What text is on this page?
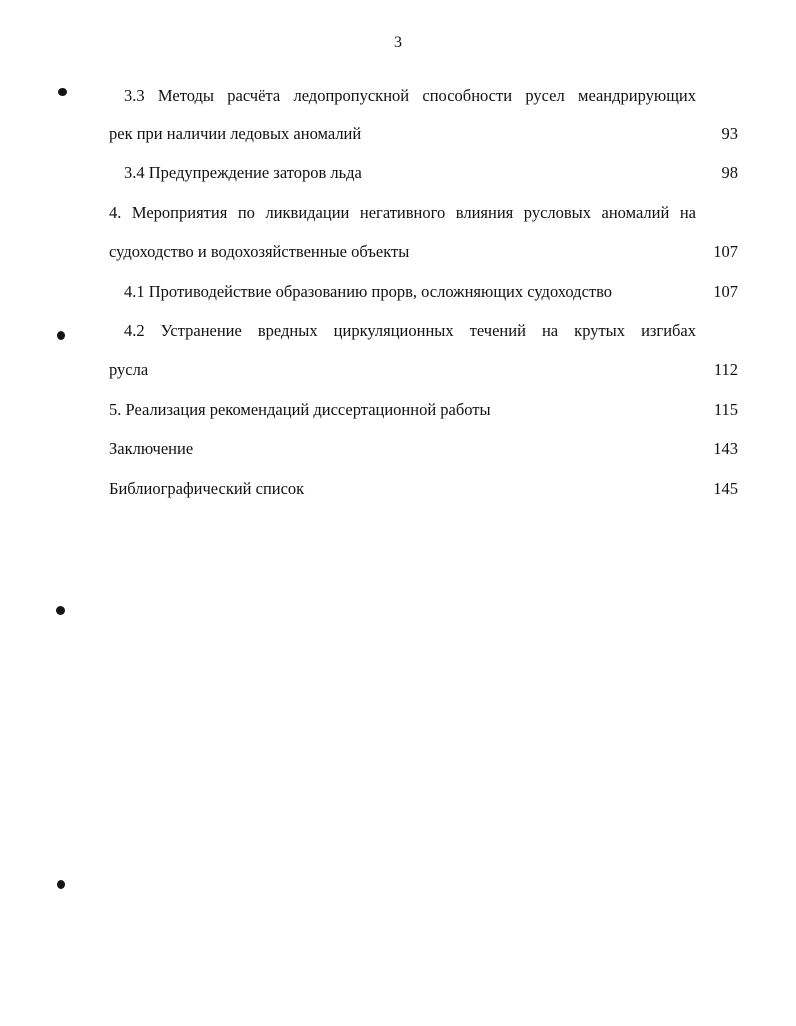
3
3.3 Методы расчёта ледопропускной способности русел меандрирующих
рек при наличии ледовых аномалий	93
3.4 Предупреждение заторов льда	98
4. Мероприятия по ликвидации негативного влияния русловых аномалий на
судоходство и водохозяйственные объекты	107
4.1 Противодействие образованию прорв, осложняющих судоходство	107
4.2 Устранение вредных циркуляционных течений на крутых изгибах
русла	112
5. Реализация рекомендаций диссертационной работы	115
Заключение	143
Библиографический список	145
